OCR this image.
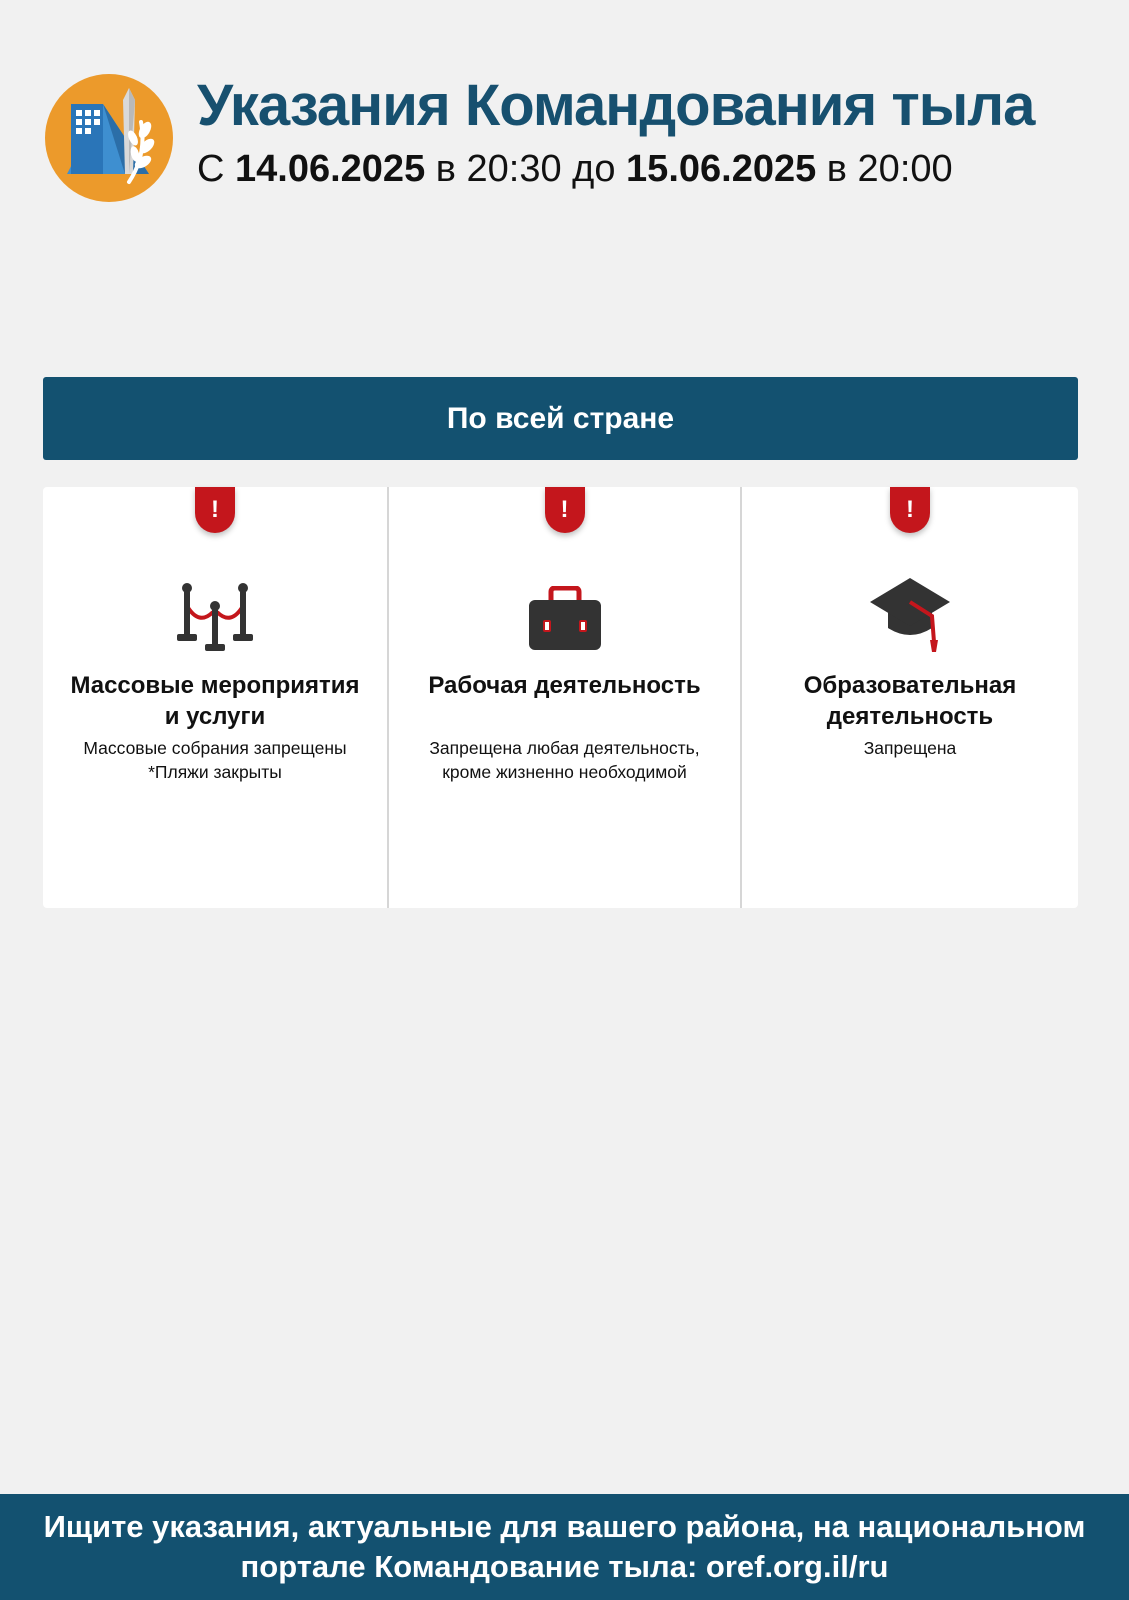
Указания Командования тыла
С 14.06.2025 в 20:30 до 15.06.2025 в 20:00
По всей стране
!
Массовые мероприятия
и услуги
Массовые собрания запрещены
*Пляжи закрыты
!
Рабочая деятельность
Запрещена любая деятельность,
кроме жизненно необходимой
!
Образовательная
деятельность
Запрещена
Ищите указания, актуальные для вашего района, на национальном
портале Командование тыла: oref.org.il/ru
